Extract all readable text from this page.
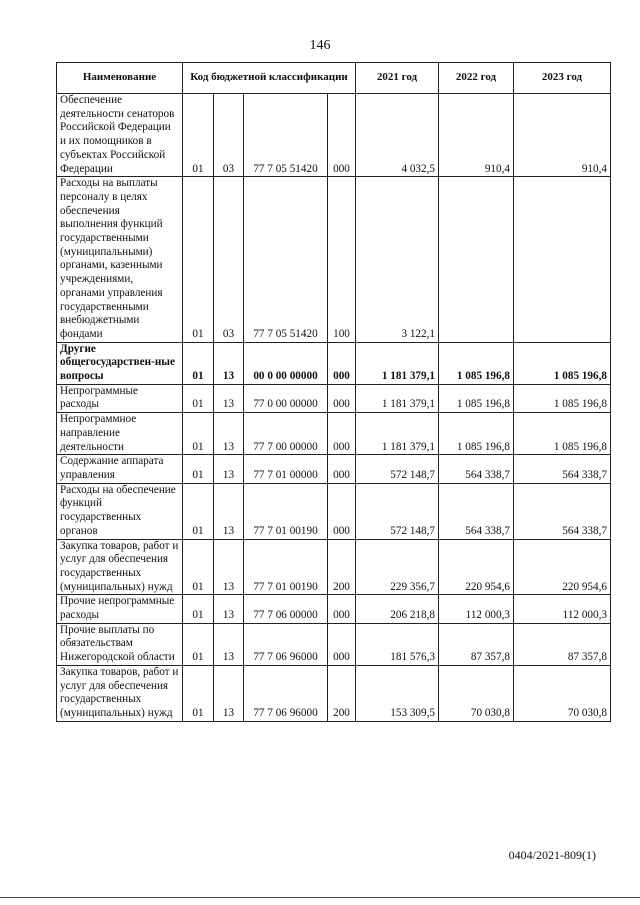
146
Наименование	Код бюджетной классификации				2021 год	2022 год	2023 год
Обеспечение деятельности сенаторов Российской Федерации и их помощников в субъектах Российской Федерации	01	03	77 7 05 51420	000	4 032,5	910,4	910,4
Расходы на выплаты персоналу в целях обеспечения выполнения функций государственными (муниципальными) органами, казенными учреждениями, органами управления государственными внебюджетными фондами	01	03	77 7 05 51420	100	3 122,1		
Другие общегосударствен-ные вопросы	01	13	00 0 00 00000	000	1 181 379,1	1 085 196,8	1 085 196,8
Непрограммные расходы	01	13	77 0 00 00000	000	1 181 379,1	1 085 196,8	1 085 196,8
Непрограммное направление деятельности	01	13	77 7 00 00000	000	1 181 379,1	1 085 196,8	1 085 196,8
Содержание аппарата управления	01	13	77 7 01 00000	000	572 148,7	564 338,7	564 338,7
Расходы на обеспечение функций государственных органов	01	13	77 7 01 00190	000	572 148,7	564 338,7	564 338,7
Закупка товаров, работ и услуг для обеспечения государственных (муниципальных) нужд	01	13	77 7 01 00190	200	229 356,7	220 954,6	220 954,6
Прочие непрограммные расходы	01	13	77 7 06 00000	000	206 218,8	112 000,3	112 000,3
Прочие выплаты по обязательствам Нижегородской области	01	13	77 7 06 96000	000	181 576,3	87 357,8	87 357,8
Закупка товаров, работ и услуг для обеспечения государственных (муниципальных) нужд	01	13	77 7 06 96000	200	153 309,5	70 030,8	70 030,8
0404/2021-809(1)
